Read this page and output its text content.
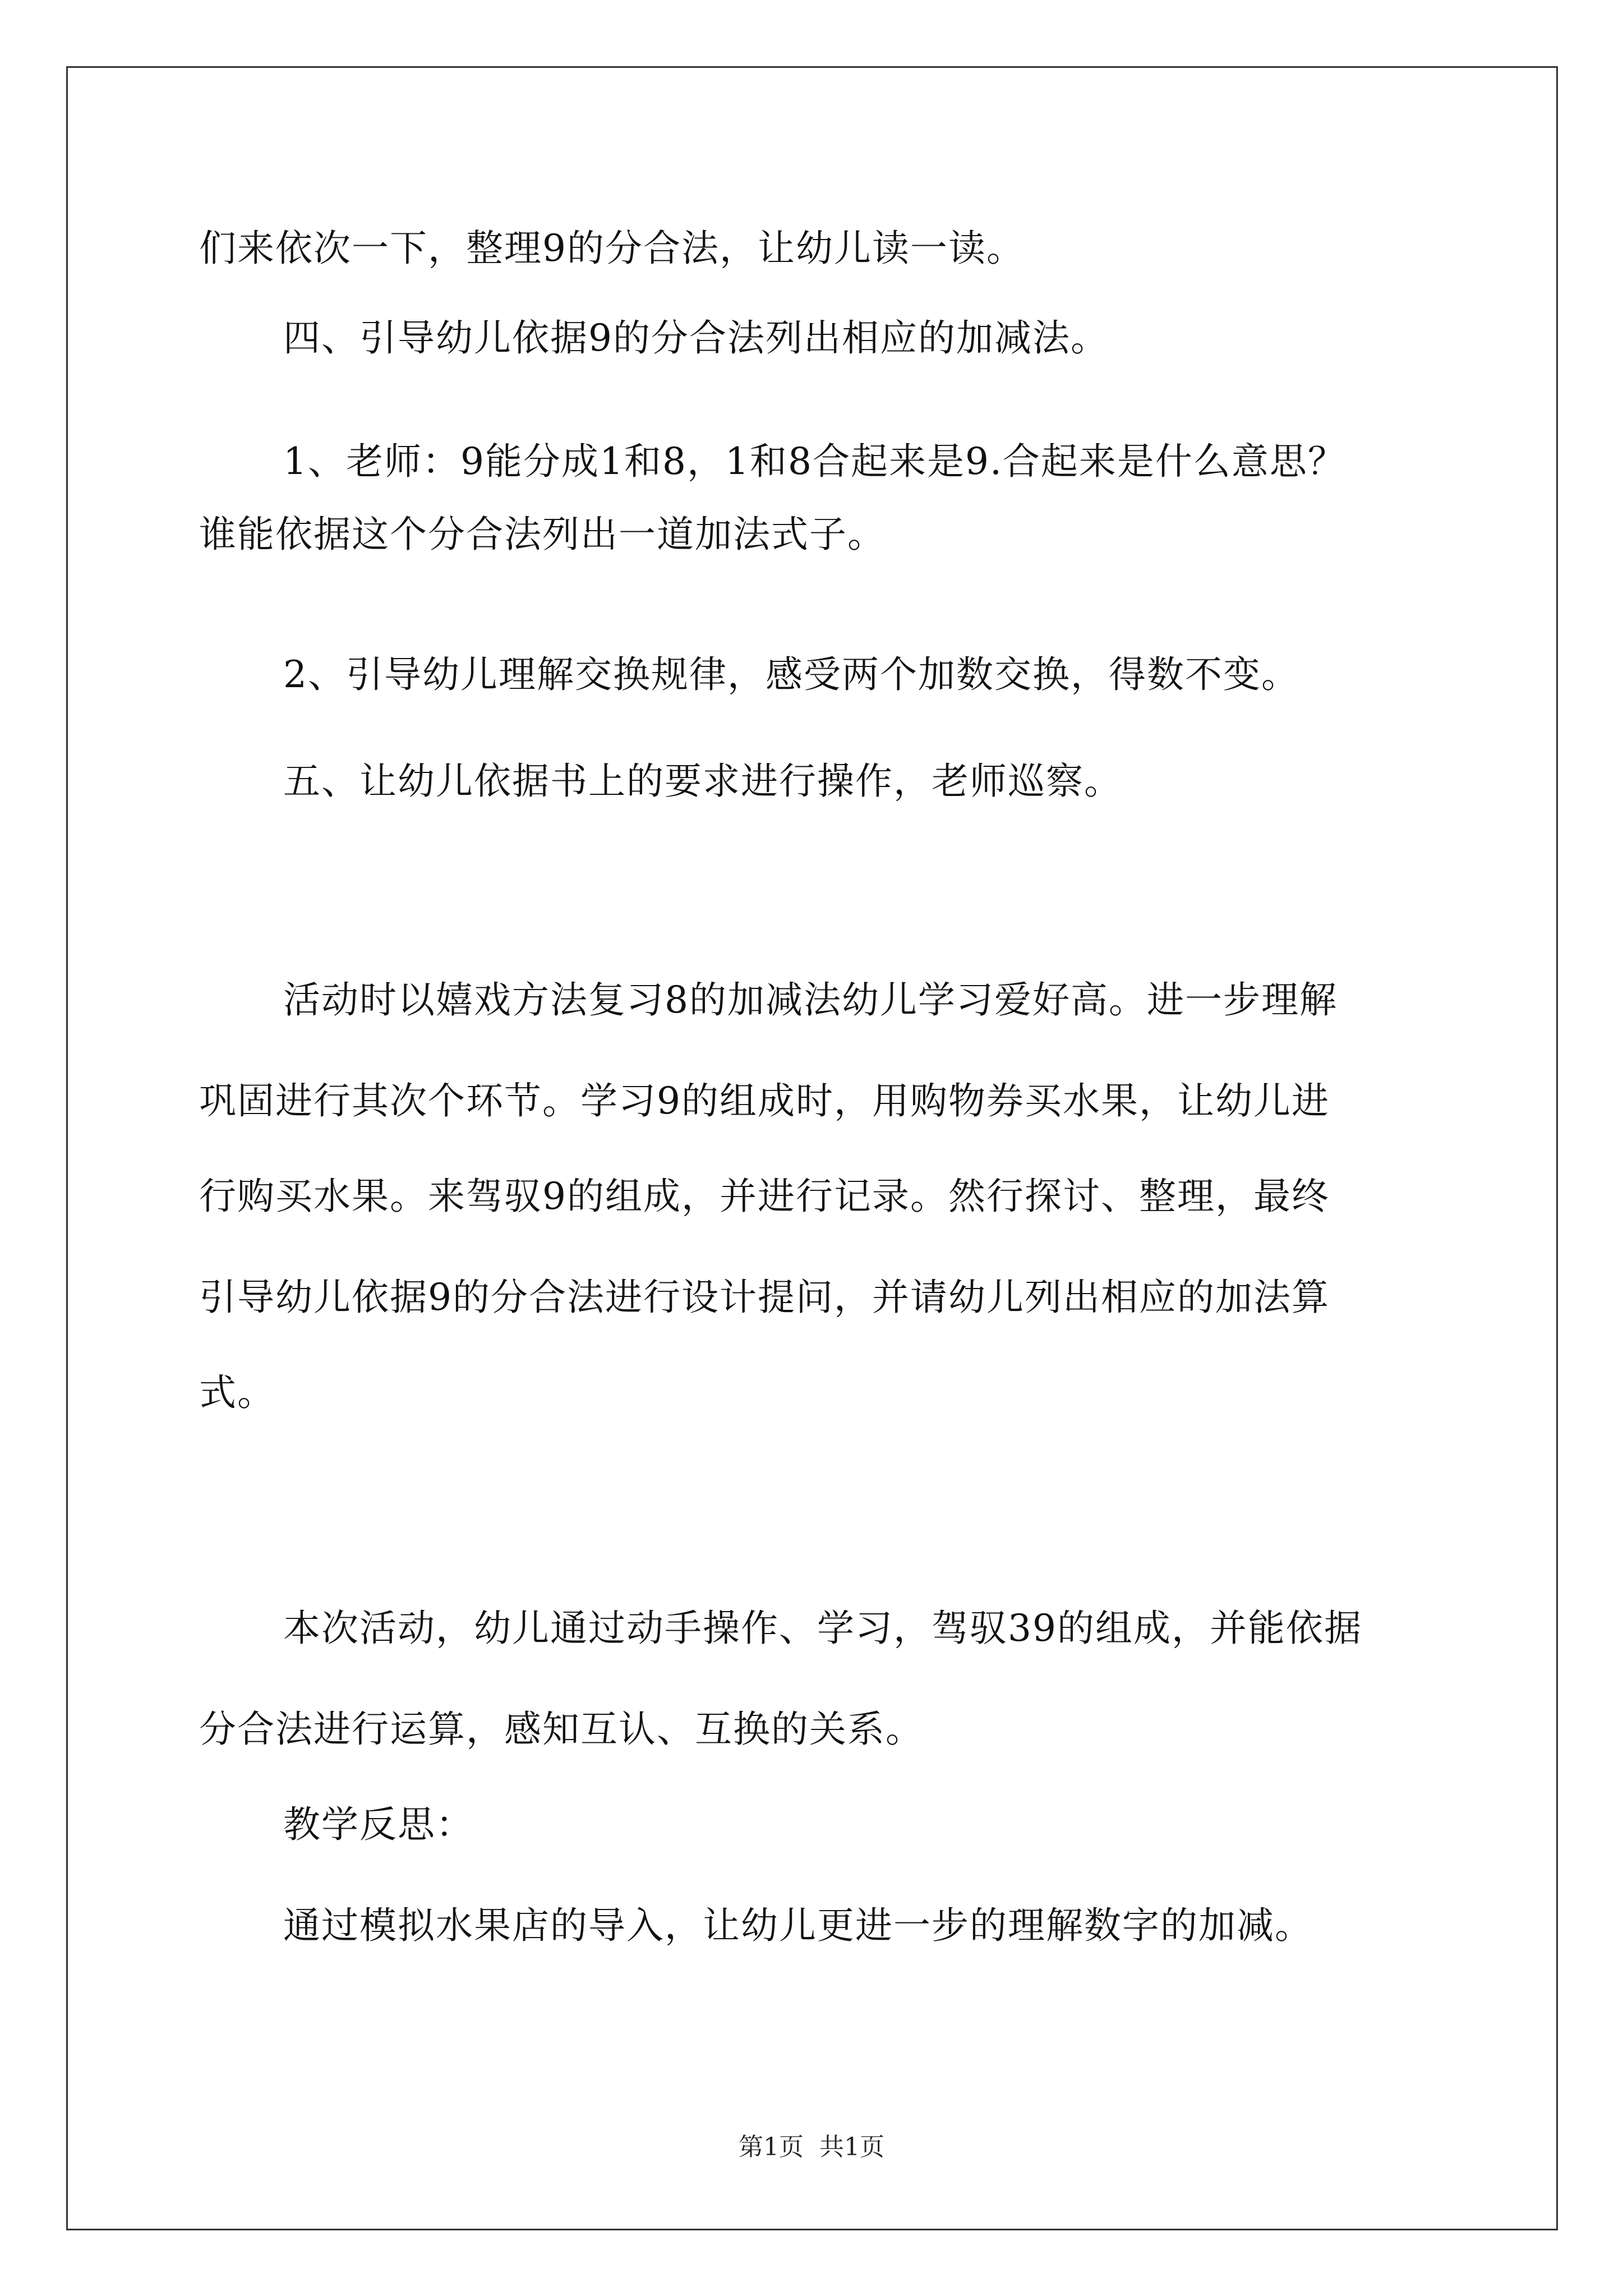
们来依次一下，整理9的分合法，让幼儿读一读。
四、引导幼儿依据9的分合法列出相应的加减法。
1、老师：9能分成1和8，1和8合起来是9.合起来是什么意思？
谁能依据这个分合法列出一道加法式子。
2、引导幼儿理解交换规律，感受两个加数交换，得数不变。
五、让幼儿依据书上的要求进行操作，老师巡察。
活动时以嬉戏方法复习8的加减法幼儿学习爱好高。进一步理解
巩固进行其次个环节。学习9的组成时，用购物券买水果，让幼儿进
行购买水果。来驾驭9的组成，并进行记录。然行探讨、整理，最终
引导幼儿依据9的分合法进行设计提问，并请幼儿列出相应的加法算
式。
本次活动，幼儿通过动手操作、学习，驾驭39的组成，并能依据
分合法进行运算，感知互认、互换的关系。
教学反思：
通过模拟水果店的导入，让幼儿更进一步的理解数字的加减。
第1页 共1页
